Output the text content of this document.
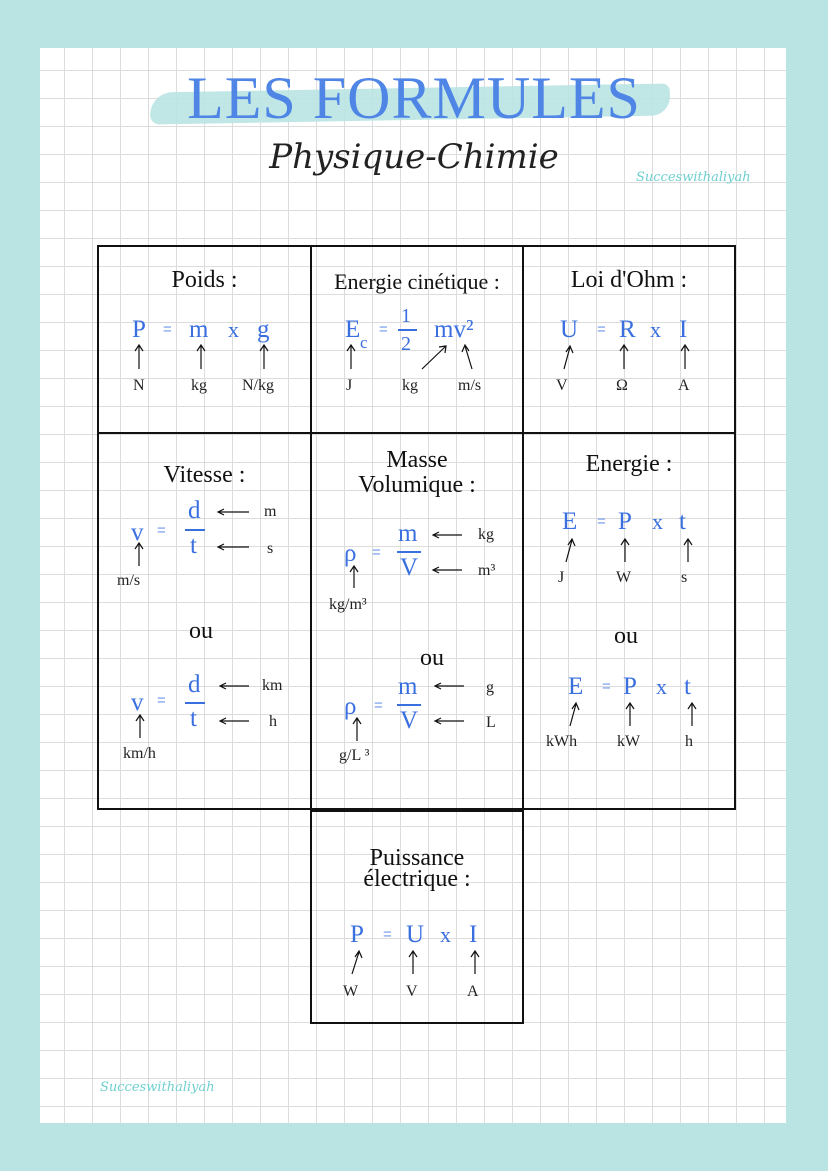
LES FORMULES
Physique-Chimie
Succeswithaliyah
Succeswithaliyah
Poids :
P = m x g
N	kg N/kg
Energie cinétique :
E c
=
1
2
mv²
J	kg	m/s
Loi d'Ohm :
U = R x I
V	Ω	A
Vitesse :
v =
d
t
m
s
m/s
ou
v =
d
t
km
h
km/h
Masse
Volumique :
ρ =
m
V
kg
m³
kg/m³
ou
ρ =
m
V
g
L
g/L ³
Energie :
E = P x t
J	W	s
ou
E = P x t
kWh kW	h
Puissance
électrique :
P = U x I
W	V	A
